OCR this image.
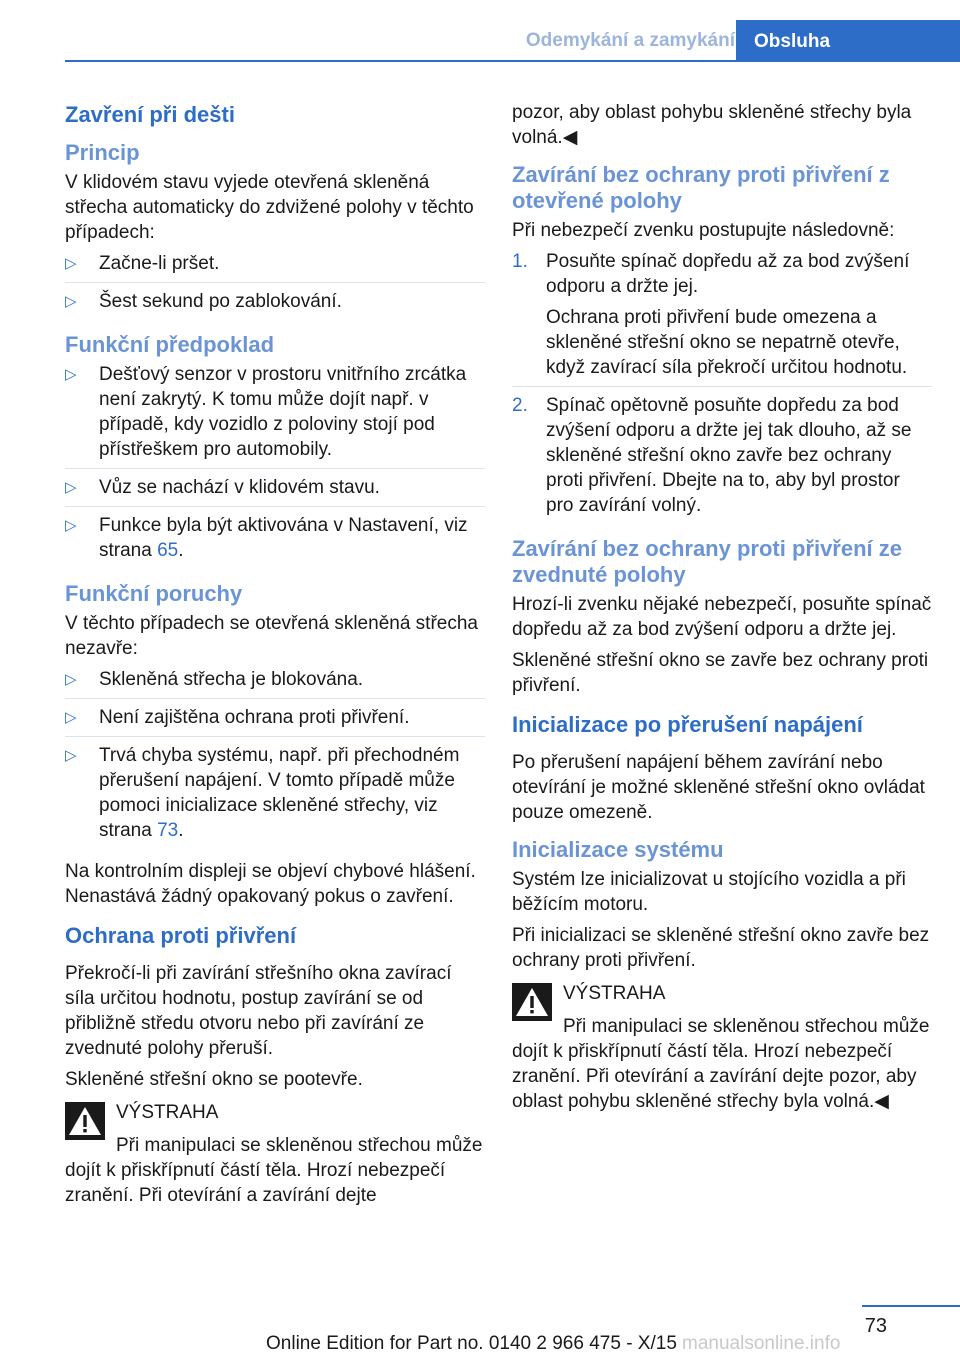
Odemykání a zamykání	Obsluha
Zavření při dešti
Princip

V klidovém stavu vyjede otevřená skleněná střecha automaticky do zdvižené polohy v těchto případech:

▷ Začne-li pršet.
▷ Šest sekund po zablokování.
Funkční předpoklad
▷ Dešťový senzor v prostoru vnitřního zrcátka není zakrytý. K tomu může dojít např. v případě, kdy vozidlo z poloviny stojí pod přístřeškem pro automobily.
▷ Vůz se nachází v klidovém stavu.
▷ Funkce byla být aktivována v Nastavení, viz strana 65.
Funkční poruchy

V těchto případech se otevřená skleněná střecha nezavře:

▷ Skleněná střecha je blokována.
▷ Není zajištěna ochrana proti přivření.
▷ Trvá chyba systému, např. při přechodném přerušení napájení. V tomto případě může pomoci inicializace skleněné střechy, viz strana 73.

Na kontrolním displeji se objeví chybové hlášení. Nenastává žádný opakovaný pokus o zavření.

Ochrana proti přivření

Překročí-li při zavírání střešního okna zavírací síla určitou hodnotu, postup zavírání se od přibližně středu otvoru nebo při zavírání ze zvednuté polohy přeruší.

Skleněné střešní okno se pootevře.

VÝSTRAHA
Při manipulaci se skleněnou střechou může dojít k přiskřípnutí částí těla. Hrozí nebezpečí zranění. Při otevírání a zavírání dejte

pozor, aby oblast pohybu skleněné střechy byla volná.◀

Zavírání bez ochrany proti přivření z otevřené polohy

Při nebezpečí zvenku postupujte následovně:

1. Posuňte spínač dopředu až za bod zvýšení odporu a držte jej.
Ochrana proti přivření bude omezena a skleněné střešní okno se nepatrně otevře, když zavírací síla překročí určitou hodnotu.
2. Spínač opětovně posuňte dopředu za bod zvýšení odporu a držte jej tak dlouho, až se skleněné střešní okno zavře bez ochrany proti přivření. Dbejte na to, aby byl prostor pro zavírání volný.
Zavírání bez ochrany proti přivření ze zvednuté polohy

Hrozí-li zvenku nějaké nebezpečí, posuňte spínač dopředu až za bod zvýšení odporu a držte jej.

Skleněné střešní okno se zavře bez ochrany proti přivření.

Inicializace po přerušení napájení

Po přerušení napájení během zavírání nebo otevírání je možné skleněné střešní okno ovládat pouze omezeně.

Inicializace systému

Systém lze inicializovat u stojícího vozidla a při běžícím motoru.

Při inicializaci se skleněné střešní okno zavře bez ochrany proti přivření.

VÝSTRAHA
Při manipulaci se skleněnou střechou může dojít k přiskřípnutí částí těla. Hrozí nebezpečí zranění. Při otevírání a zavírání dejte pozor, aby oblast pohybu skleněné střechy byla volná.◀
73
Online Edition for Part no. 0140 2 966 475 - X/15 manualsonline.info
